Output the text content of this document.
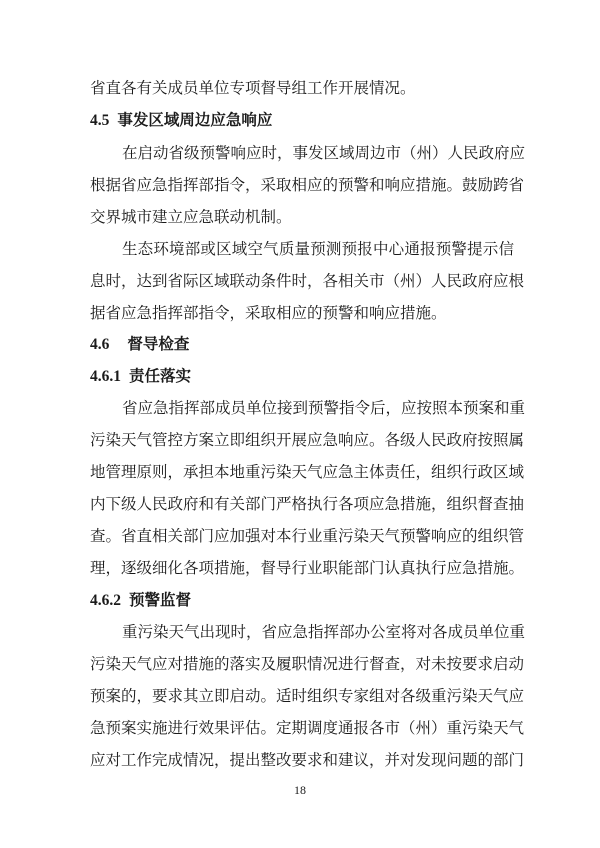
省直各有关成员单位专项督导组工作开展情况。
4.5 事发区域周边应急响应
在启动省级预警响应时，事发区域周边市（州）人民政府应
根据省应急指挥部指令，采取相应的预警和响应措施。鼓励跨省
交界城市建立应急联动机制。
生态环境部或区域空气质量预测预报中心通报预警提示信
息时，达到省际区域联动条件时，各相关市（州）人民政府应根
据省应急指挥部指令，采取相应的预警和响应措施。
4.6 督导检查
4.6.1 责任落实
省应急指挥部成员单位接到预警指令后，应按照本预案和重
污染天气管控方案立即组织开展应急响应。各级人民政府按照属
地管理原则，承担本地重污染天气应急主体责任，组织行政区域
内下级人民政府和有关部门严格执行各项应急措施，组织督查抽
查。省直相关部门应加强对本行业重污染天气预警响应的组织管
理，逐级细化各项措施，督导行业职能部门认真执行应急措施。
4.6.2 预警监督
重污染天气出现时，省应急指挥部办公室将对各成员单位重
污染天气应对措施的落实及履职情况进行督查，对未按要求启动
预案的，要求其立即启动。适时组织专家组对各级重污染天气应
急预案实施进行效果评估。定期调度通报各市（州）重污染天气
应对工作完成情况，提出整改要求和建议，并对发现问题的部门
18
